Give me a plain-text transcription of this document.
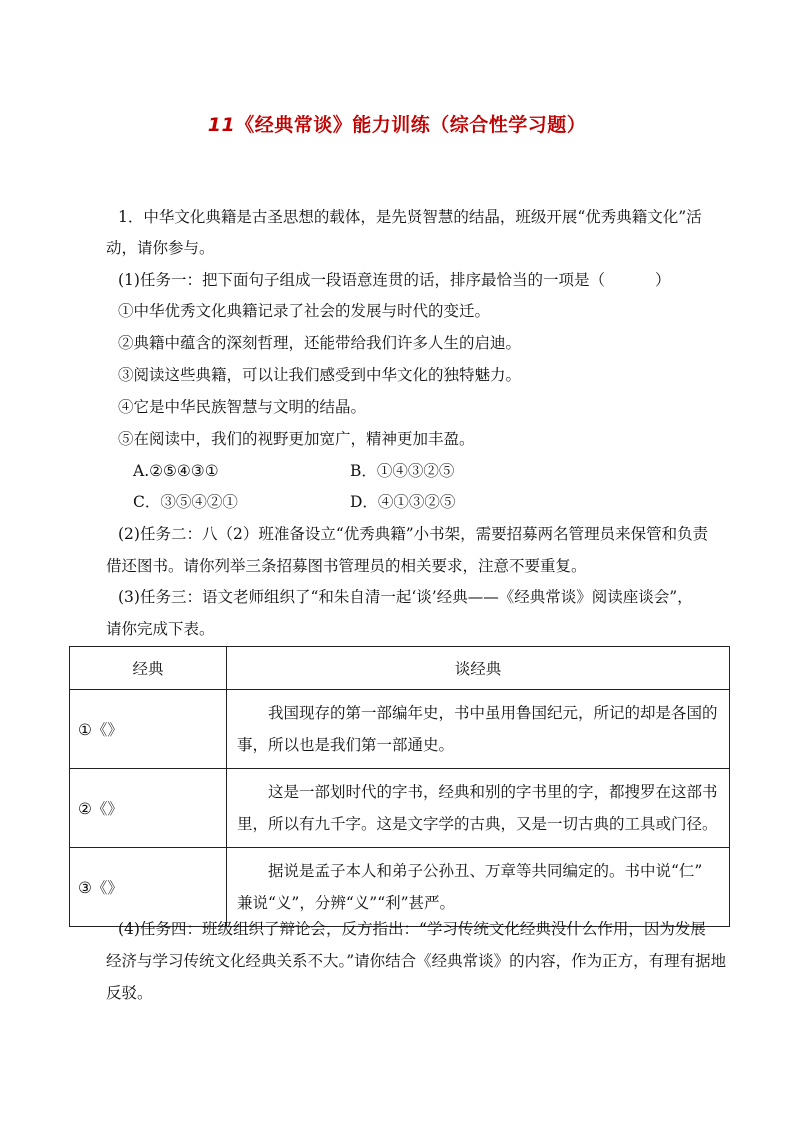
11《经典常谈》能力训练（综合性学习题）
1．中华文化典籍是古圣思想的载体，是先贤智慧的结晶，班级开展“优秀典籍文化”活
动，请你参与。
(1)任务一：把下面句子组成一段语意连贯的话，排序最恰当的一项是（	）
①中华优秀文化典籍记录了社会的发展与时代的变迁。
②典籍中蕴含的深刻哲理，还能带给我们许多人生的启迪。
③阅读这些典籍，可以让我们感受到中华文化的独特魅力。
④它是中华民族智慧与文明的结晶。
⑤在阅读中，我们的视野更加宽广，精神更加丰盈。
A.②⑤④③①	B．①④③②⑤
C．③⑤④②①	D．④①③②⑤
(2)任务二：八（2）班准备设立“优秀典籍”小书架，需要招募两名管理员来保管和负责
借还图书。请你列举三条招募图书管理员的相关要求，注意不要重复。
(3)任务三：语文老师组织了“和朱自清一起‘谈’经典——《经典常谈》阅读座谈会”，
请你完成下表。
经典	谈经典
①《》	我国现存的第一部编年史，书中虽用鲁国纪元，所记的却是各国的
事，所以也是我们第一部通史。
②《》	这是一部划时代的字书，经典和别的字书里的字，都搜罗在这部书
里，所以有九千字。这是文字学的古典，又是一切古典的工具或门径。
③《》	据说是孟子本人和弟子公孙丑、万章等共同编定的。书中说“仁”
兼说“义”，分辨“义”“利”甚严。
(4)任务四：班级组织了辩论会，反方指出：“学习传统文化经典没什么作用，因为发展
经济与学习传统文化经典关系不大。”请你结合《经典常谈》的内容，作为正方，有理有据地
反驳。
